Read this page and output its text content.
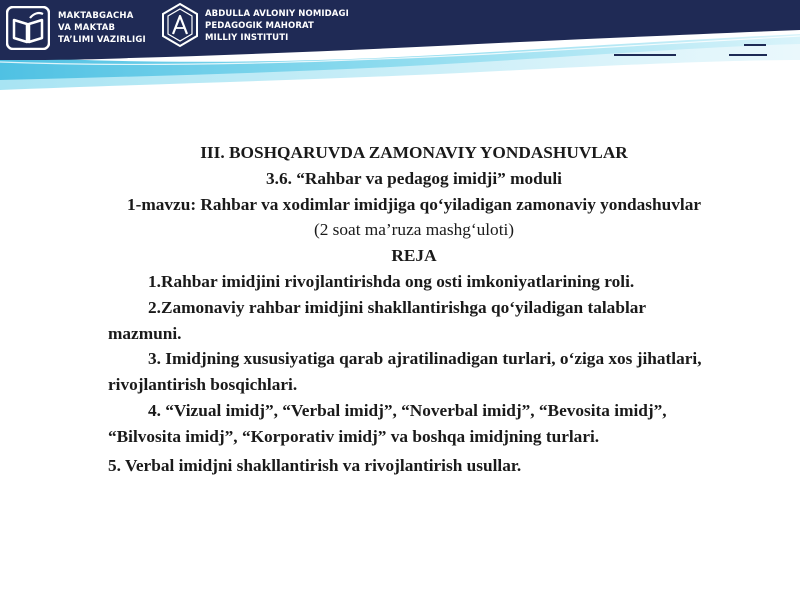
MAKTABGACHA
VA MAKTAB
TA’LIMI VAZIRLIGI
ABDULLA AVLONIY NOMIDAGI
PEDAGOGIK MAHORAT
MILLIY INSTITUTI

III. BOSHQARUVDA ZAMONAVIY YONDASHUVLAR

3.6. “Rahbar va pedagog imidji” moduli

1-mavzu: Rahbar va xodimlar imidjiga qo‘yiladigan zamonaviy yondashuvlar

(2 soat ma’ruza mashg‘uloti)

REJA

1.Rahbar imidjini rivojlantirishda ong osti imkoniyatlarining roli.

2.Zamonaviy rahbar imidjini shakllantirishga qo‘yiladigan talablar mazmuni.

3. Imidjning xususiyatiga qarab ajratilinadigan turlari, o‘ziga xos jihatlari, rivojlantirish bosqichlari.

4. “Vizual imidj”, “Verbal imidj”, “Noverbal imidj”, “Bevosita imidj”, “Bilvosita imidj”, “Korporativ imidj” va boshqa imidjning turlari.

5. Verbal imidjni shakllantirish va rivojlantirish usullar.
